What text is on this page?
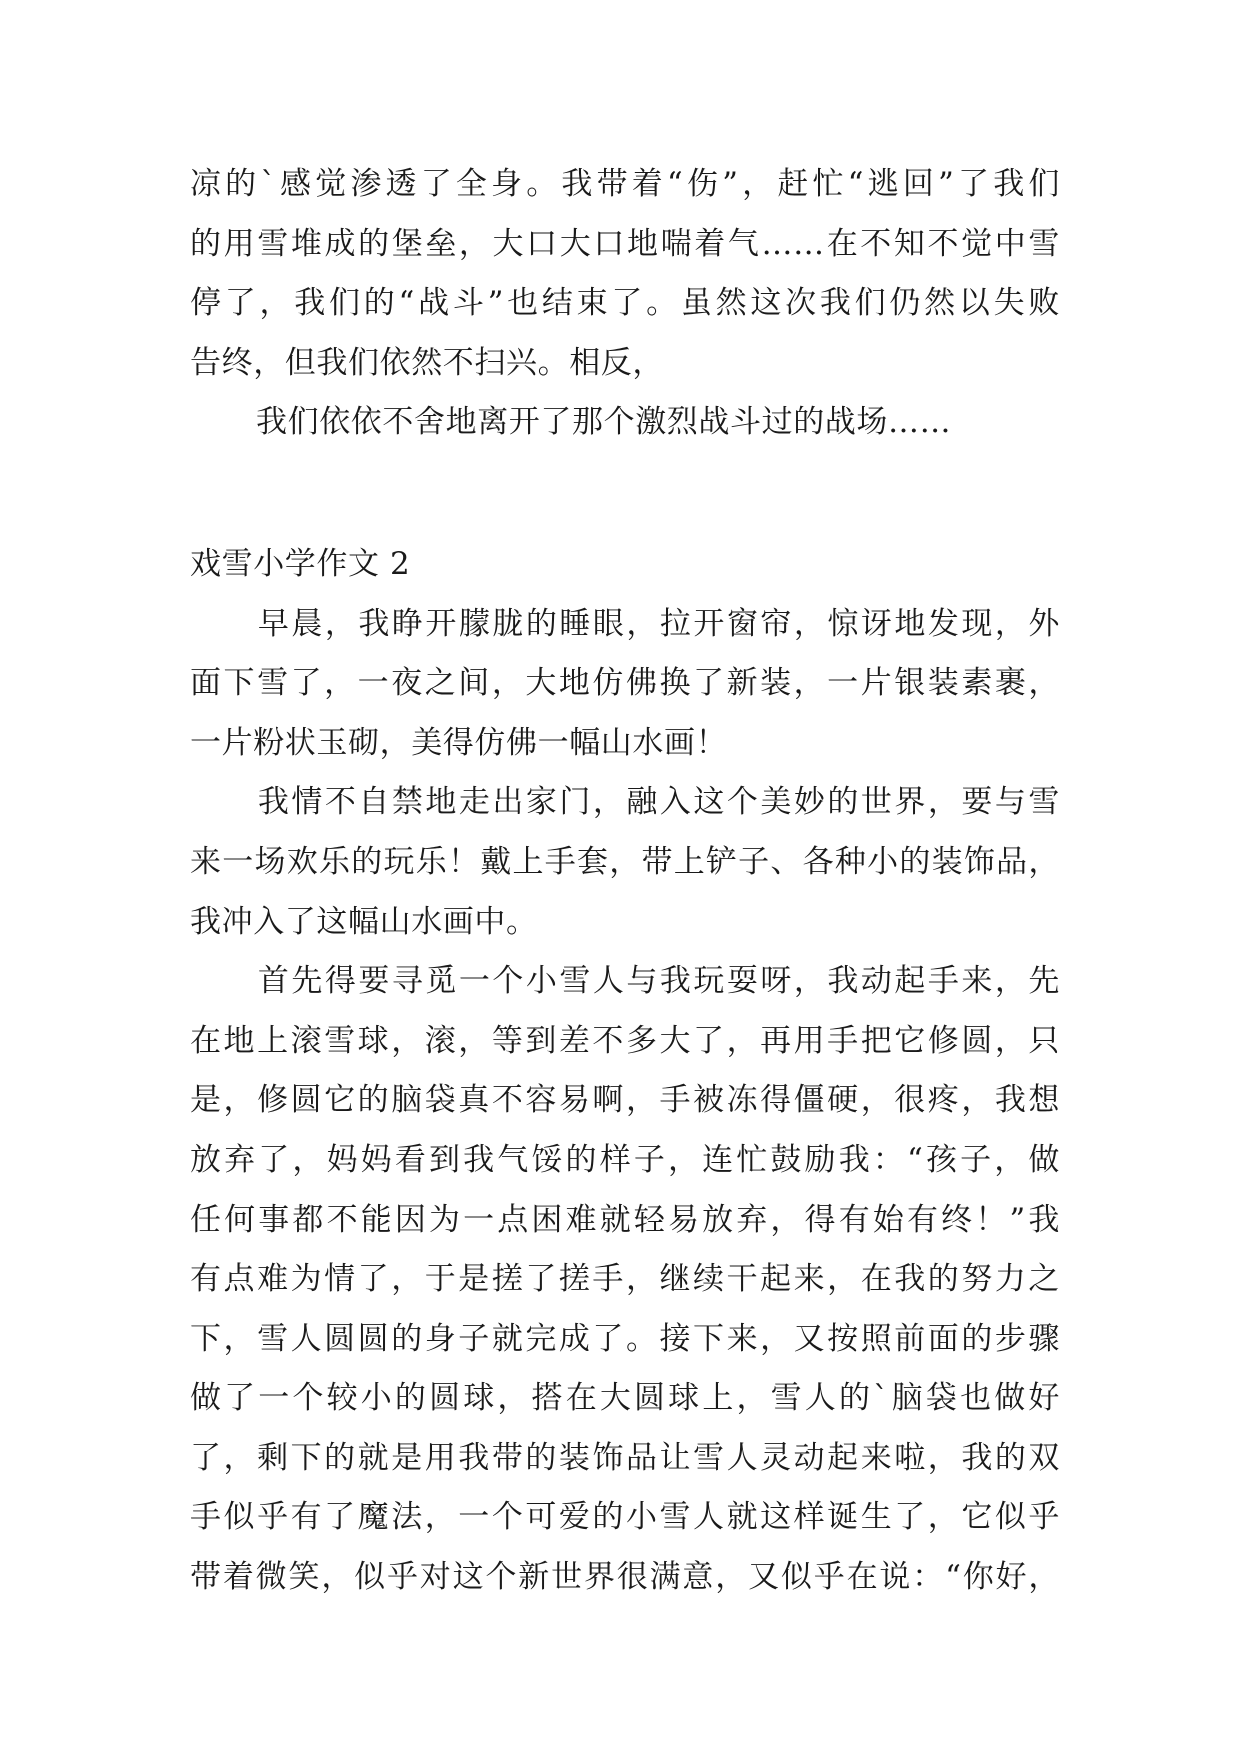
凉的`感觉渗透了全身。我带着“伤”，赶忙“逃回”了我们
的用雪堆成的堡垒，大口大口地喘着气……在不知不觉中雪
停了，我们的“战斗”也结束了。虽然这次我们仍然以失败
告终，但我们依然不扫兴。相反，
我们依依不舍地离开了那个激烈战斗过的战场……
戏雪小学作文 2
早晨，我睁开朦胧的睡眼，拉开窗帘，惊讶地发现，外
面下雪了，一夜之间，大地仿佛换了新装，一片银装素裹，
一片粉状玉砌，美得仿佛一幅山水画！
我情不自禁地走出家门，融入这个美妙的世界，要与雪
来一场欢乐的玩乐！戴上手套，带上铲子、各种小的装饰品，
我冲入了这幅山水画中。
首先得要寻觅一个小雪人与我玩耍呀，我动起手来，先
在地上滚雪球，滚，等到差不多大了，再用手把它修圆，只
是，修圆它的脑袋真不容易啊，手被冻得僵硬，很疼，我想
放弃了，妈妈看到我气馁的样子，连忙鼓励我：“孩子，做
任何事都不能因为一点困难就轻易放弃，得有始有终！”我
有点难为情了，于是搓了搓手，继续干起来，在我的努力之
下，雪人圆圆的身子就完成了。接下来，又按照前面的步骤
做了一个较小的圆球，搭在大圆球上，雪人的`脑袋也做好
了，剩下的就是用我带的装饰品让雪人灵动起来啦，我的双
手似乎有了魔法，一个可爱的小雪人就这样诞生了，它似乎
带着微笑，似乎对这个新世界很满意，又似乎在说：“你好，
